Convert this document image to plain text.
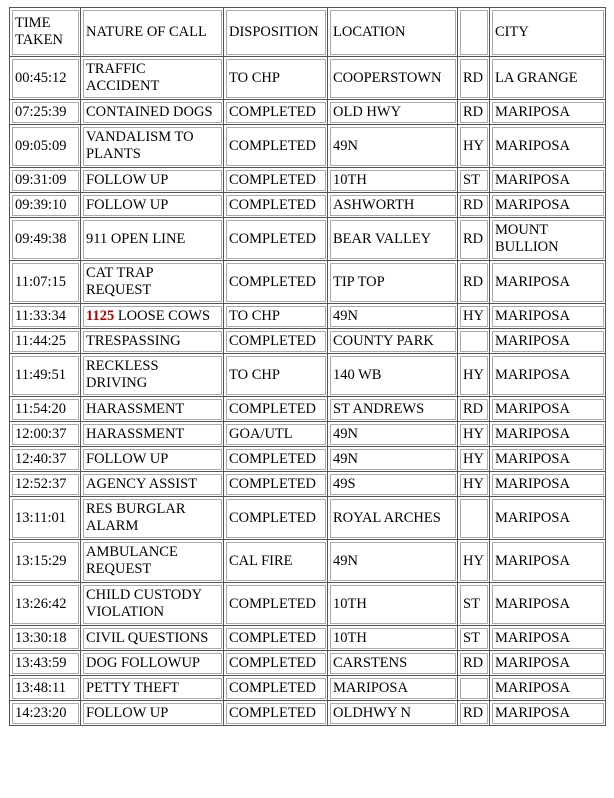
TIME
TAKEN	NATURE OF CALL	DISPOSITION	LOCATION		CITY
00:45:12	TRAFFIC
ACCIDENT	TO CHP	COOPERSTOWN	RD	LA GRANGE
07:25:39	CONTAINED DOGS	COMPLETED	OLD HWY	RD	MARIPOSA
09:05:09	VANDALISM TO
PLANTS	COMPLETED	49N	HY	MARIPOSA
09:31:09	FOLLOW UP	COMPLETED	10TH	ST	MARIPOSA
09:39:10	FOLLOW UP	COMPLETED	ASHWORTH	RD	MARIPOSA
09:49:38	911 OPEN LINE	COMPLETED	BEAR VALLEY	RD	MOUNT
BULLION
11:07:15	CAT TRAP
REQUEST	COMPLETED	TIP TOP	RD	MARIPOSA
11:33:34	1125 LOOSE COWS	TO CHP	49N	HY	MARIPOSA
11:44:25	TRESPASSING	COMPLETED	COUNTY PARK		MARIPOSA
11:49:51	RECKLESS
DRIVING	TO CHP	140 WB	HY	MARIPOSA
11:54:20	HARASSMENT	COMPLETED	ST ANDREWS	RD	MARIPOSA
12:00:37	HARASSMENT	GOA/UTL	49N	HY	MARIPOSA
12:40:37	FOLLOW UP	COMPLETED	49N	HY	MARIPOSA
12:52:37	AGENCY ASSIST	COMPLETED	49S	HY	MARIPOSA
13:11:01	RES BURGLAR
ALARM	COMPLETED	ROYAL ARCHES		MARIPOSA
13:15:29	AMBULANCE
REQUEST	CAL FIRE	49N	HY	MARIPOSA
13:26:42	CHILD CUSTODY
VIOLATION	COMPLETED	10TH	ST	MARIPOSA
13:30:18	CIVIL QUESTIONS	COMPLETED	10TH	ST	MARIPOSA
13:43:59	DOG FOLLOWUP	COMPLETED	CARSTENS	RD	MARIPOSA
13:48:11	PETTY THEFT	COMPLETED	MARIPOSA		MARIPOSA
14:23:20	FOLLOW UP	COMPLETED	OLDHWY N	RD	MARIPOSA
